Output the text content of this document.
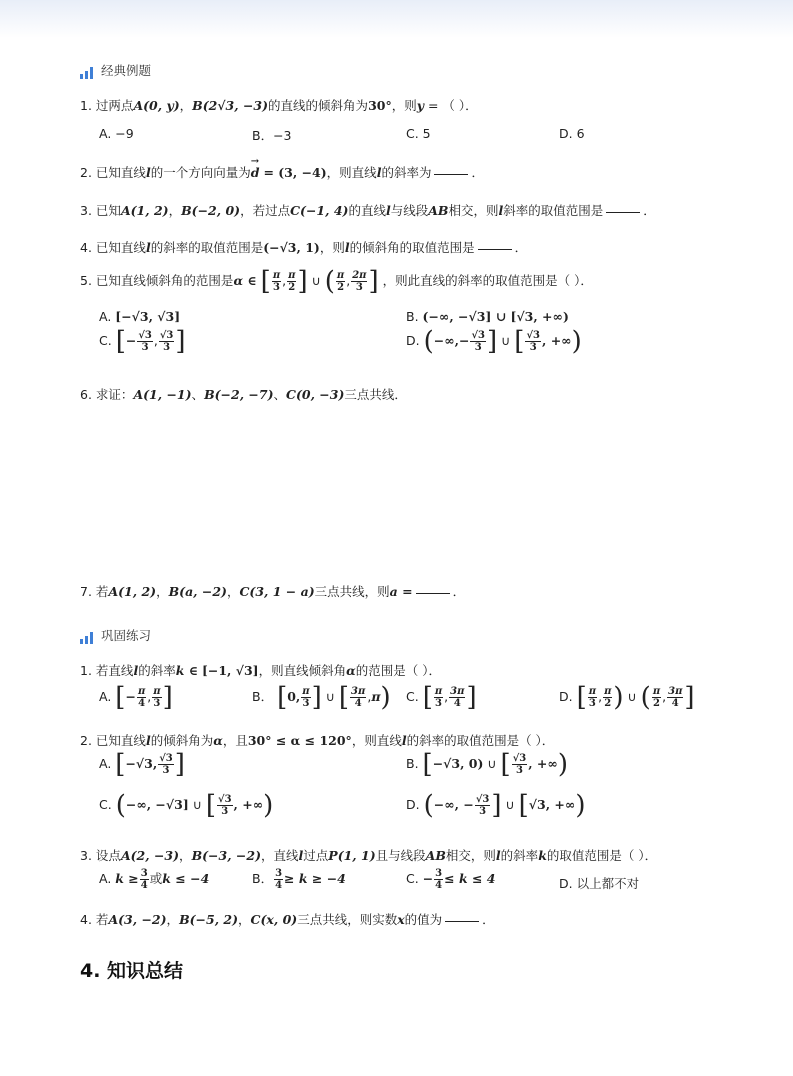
经典例题
1. 过两点A(0, y)，B(2√3, −3)的直线的倾斜角为30°，则y = （ ）．
A. −9	B．−3	C. 5	D. 6
2. 已知直线l的一个方向向量为d
→
= (3, −4)，则直线l的斜率为	．
3. 已知A(1, 2)，B(−2, 0)，若过点C(−1, 4)的直线l与线段AB相交，则l斜率的取值范围是	．
4. 已知直线l的斜率的取值范围是(−√3, 1)，则l的倾斜角的取值范围是	．
5. 已知直线倾斜角的范围是α ∈ [ $\frac{\pi}{3}$ , $\frac{\pi}{2}$ ] ∪ ( $\frac{\pi}{2}$ , $\frac{2\pi}{3}$ ] ，则此直线的斜率的取值范围是（ ）．
A. [−√3, √3]	B. (−∞, −√3] ∪ [√3, +∞)
C. [− $\frac{√3}{3}$ , $\frac{√3}{3}$ ]	D. (−∞,− $\frac{√3}{3}$ ] ∪ [ $\frac{√3}{3}$ , +∞)
6. 求证：A(1, −1)、B(−2, −7)、C(0, −3)三点共线．
7. 若A(1, 2)，B(a, −2)，C(3, 1 − a)三点共线，则a =	．
巩固练习
1. 若直线l的斜率k ∈ [−1, √3]，则直线倾斜角α的范围是（ ）．
A. [− $\frac{\pi}{4}$ , $\frac{\pi}{3}$ ]	B． [0, $\frac{\pi}{3}$ ] ∪ [ $\frac{3\pi}{4} ,\pi$) C. [ $\frac{\pi}{3}$ , $\frac{3\pi}{4}$ ]	D. [ $\frac{\pi}{3}$ , $\frac{\pi}{2}$ ) ∪ ( $\frac{\pi}{2}$ , $\frac{3\pi}{4}$ ]
2. 已知直线l的倾斜角为α，且30° ≤ α ≤ 120°，则直线l的斜率的取值范围是（ ）．
A. [−√3, $\frac{√3}{3}$ ]	B. [−√3, 0) ∪ [ $\frac{√3}{3}$ , +∞)
C. (−∞, −√3] ∪ [ $\frac{√3}{3}$ , +∞)	D. (−∞, − $\frac{√3}{3}$ ] ∪ [√3, +∞)
3. 设点A(2, −3)，B(−3, −2)，直线l过点P(1, 1)且与线段AB相交，则l的斜率k的取值范围是（ ）．
A. $k \ge \frac{3}{4}$ 或k ≤ −4	B． $\frac{3}{4} \ge k \ge -4$	C. − $\frac{3}{4} \le k \le 4$	D. 以上都不对
4. 若A(3, −2)，B(−5, 2)，C(x, 0)三点共线，则实数x的值为	．
4. 知识总结
